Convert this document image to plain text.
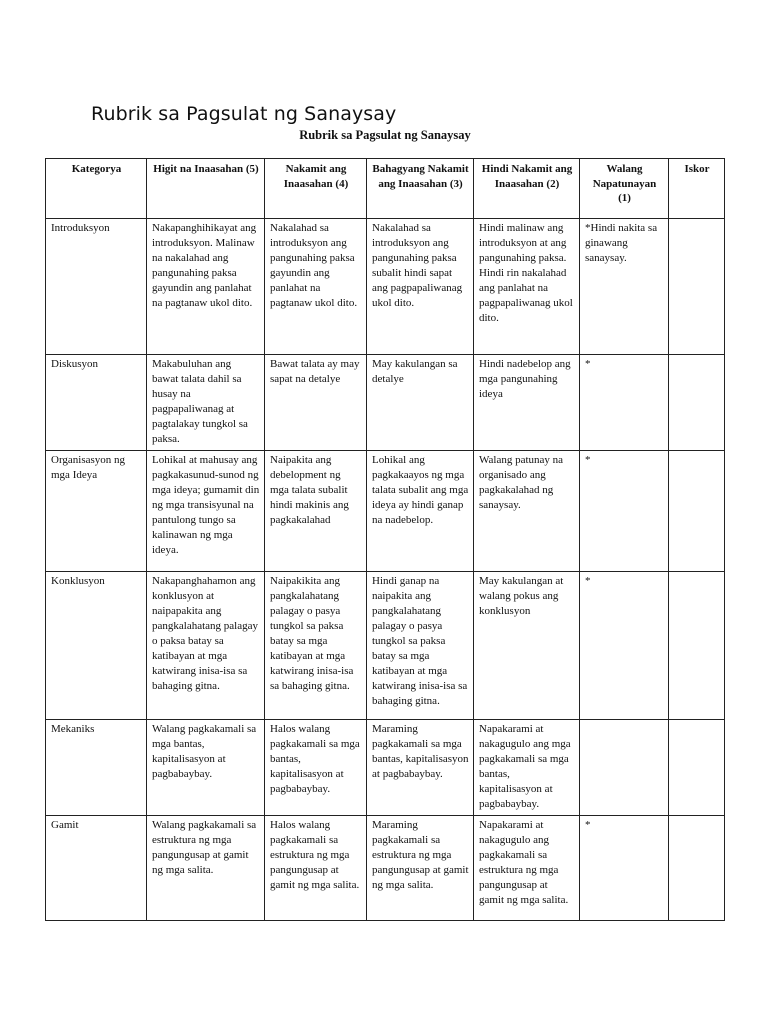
Rubrik sa Pagsulat ng Sanaysay
Rubrik sa Pagsulat ng Sanaysay
Kategorya	Higit na Inaasahan (5)	Nakamit ang Inaasahan (4)	Bahagyang Nakamit ang Inaasahan (3)	Hindi Nakamit ang Inaasahan (2)	Walang Napatunayan (1)	Iskor
Introduksyon	Nakapanghihikayat ang introduksyon. Malinaw na nakalahad ang pangunahing paksa gayundin ang panlahat na pagtanaw ukol dito.	Nakalahad sa introduksyon ang pangunahing paksa gayundin ang panlahat na pagtanaw ukol dito.	Nakalahad sa introduksyon ang pangunahing paksa subalit hindi sapat ang pagpapaliwanag ukol dito.	Hindi malinaw ang introduksyon at ang pangunahing paksa. Hindi rin nakalahad ang panlahat na pagpapaliwanag ukol dito.	*Hindi nakita sa ginawang sanaysay.	
Diskusyon	Makabuluhan ang bawat talata dahil sa husay na pagpapaliwanag at pagtalakay tungkol sa paksa.	Bawat talata ay may sapat na detalye	May kakulangan sa detalye	Hindi nadebelop ang mga pangunahing ideya	*	
Organisasyon ng mga Ideya	Lohikal at mahusay ang pagkakasunud-sunod ng mga ideya; gumamit din ng mga transisyunal na pantulong tungo sa kalinawan ng mga ideya.	Naipakita ang debelopment ng mga talata subalit hindi makinis ang pagkakalahad	Lohikal ang pagkakaayos ng mga talata subalit ang mga ideya ay hindi ganap na nadebelop.	Walang patunay na organisado ang pagkakalahad ng sanaysay.	*	
Konklusyon	Nakapanghahamon ang konklusyon at naipapakita ang pangkalahatang palagay o paksa batay sa katibayan at mga katwirang inisa-isa sa bahaging gitna.	Naipakikita ang pangkalahatang palagay o pasya tungkol sa paksa batay sa mga katibayan at mga katwirang inisa-isa sa bahaging gitna.	Hindi ganap na naipakita ang pangkalahatang palagay o pasya tungkol sa paksa batay sa mga katibayan at mga katwirang inisa-isa sa bahaging gitna.	May kakulangan at walang pokus ang konklusyon	*	
Mekaniks	Walang pagkakamali sa mga bantas, kapitalisasyon at pagbabaybay.	Halos walang pagkakamali sa mga bantas, kapitalisasyon at pagbabaybay.	Maraming pagkakamali sa mga bantas, kapitalisasyon at pagbabaybay.	Napakarami at nakagugulo ang mga pagkakamali sa mga bantas, kapitalisasyon at pagbabaybay.		
Gamit	Walang pagkakamali sa estruktura ng mga pangungusap at gamit ng mga salita.	Halos walang pagkakamali sa estruktura ng mga pangungusap at gamit ng mga salita.	Maraming pagkakamali sa estruktura ng mga pangungusap at gamit ng mga salita.	Napakarami at nakagugulo ang pagkakamali sa estruktura ng mga pangungusap at gamit ng mga salita.	*	
